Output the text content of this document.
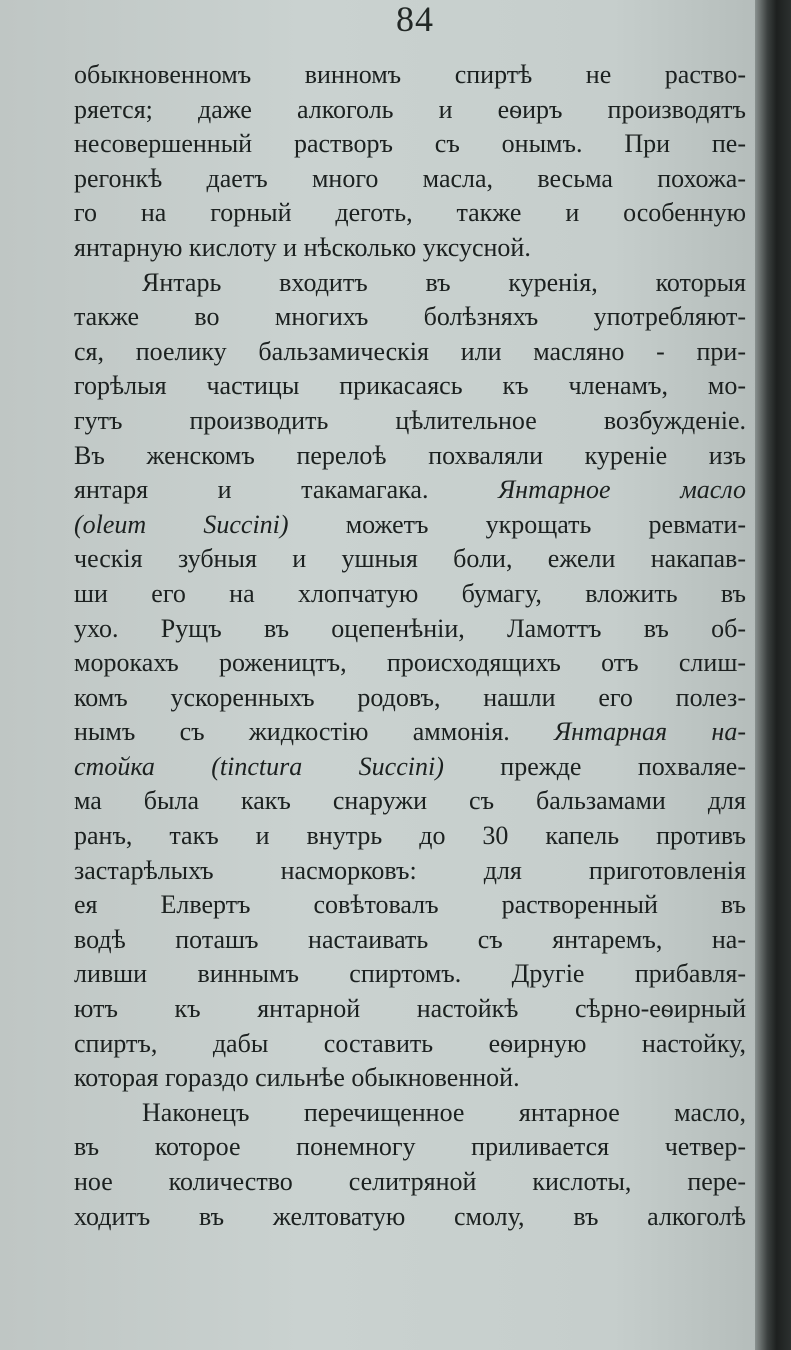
84
обыкновенномъ винномъ спиртѣ не раство-
ряется; даже алкоголь и еѳиръ производятъ
несовершенный растворъ съ онымъ. При пе-
регонкѣ даетъ много масла, весьма похожа-
го на горный деготь, также и особенную
янтарную кислоту и нѣсколько уксусной.
Янтарь входитъ въ куренія, которыя
также во многихъ болѣзняхъ употребляют-
ся, поелику бальзамическія или масляно - при-
горѣлыя частицы прикасаясь къ членамъ, мо-
гутъ производить цѣлительное возбужденіе.
Въ женскомъ перелоѣ похваляли куреніе изъ
янтаря и такамагака. Янтарное масло
(oleum Succini) можетъ укрощать ревмати-
ческія зубныя и ушныя боли, ежели накапав-
ши его на хлопчатую бумагу, вложить въ
ухо. Рущъ въ оцепенѣніи, Ламоттъ въ об-
морокахъ рожеництъ, происходящихъ отъ слиш-
комъ ускоренныхъ родовъ, нашли его полез-
нымъ съ жидкостію аммонія. Янтарная на-
стойка (tinctura Succini) прежде похваляе-
ма была какъ снаружи съ бальзамами для
ранъ, такъ и внутрь до 30 капель противъ
застарѣлыхъ насморковъ: для приготовленія
ея Елвертъ совѣтовалъ растворенный въ
водѣ поташъ настаивать съ янтаремъ, на-
ливши виннымъ спиртомъ. Другіе прибавля-
ютъ къ янтарной настойкѣ сѣрно-еѳирный
спиртъ, дабы составить еѳирную настойку,
которая гораздо сильнѣе обыкновенной.
Наконецъ перечищенное янтарное масло,
въ которое понемногу приливается четвер-
ное количество селитряной кислоты, пере-
ходитъ въ желтоватую смолу, въ алкоголѣ
